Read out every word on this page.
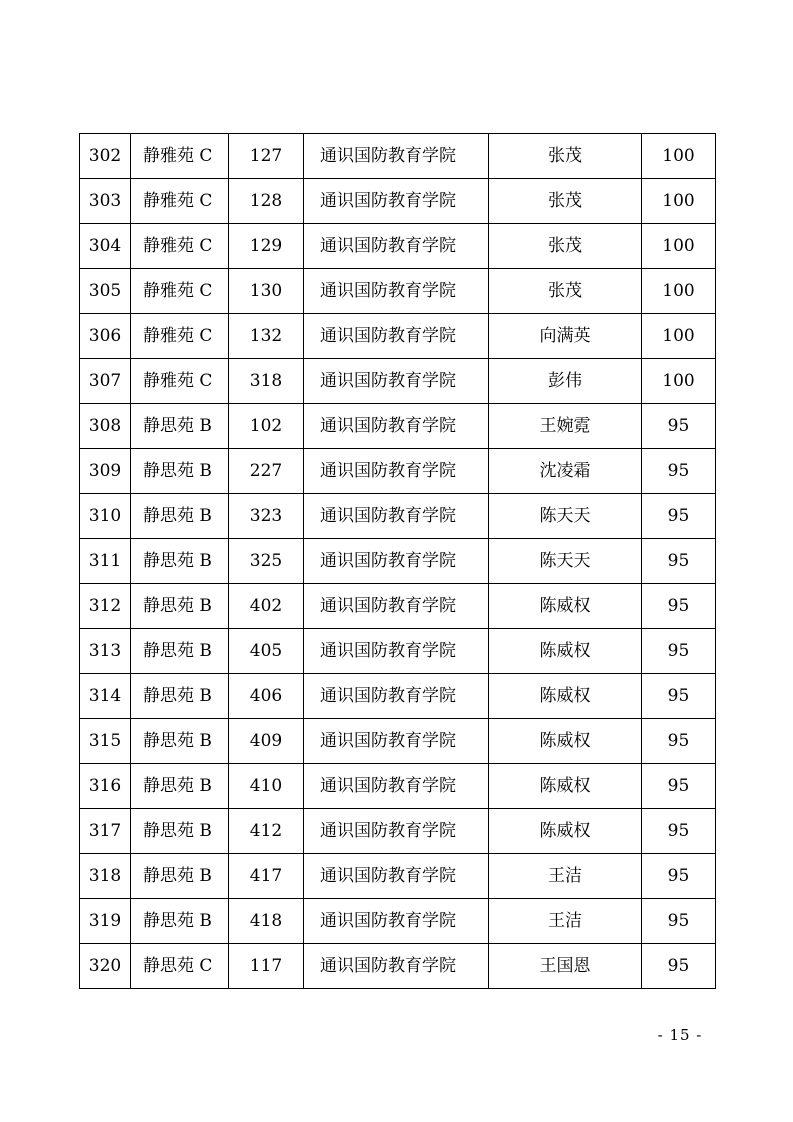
302	静雅苑 C	127	通识国防教育学院	张茂	100
303	静雅苑 C	128	通识国防教育学院	张茂	100
304	静雅苑 C	129	通识国防教育学院	张茂	100
305	静雅苑 C	130	通识国防教育学院	张茂	100
306	静雅苑 C	132	通识国防教育学院	向满英	100
307	静雅苑 C	318	通识国防教育学院	彭伟	100
308	静思苑 B	102	通识国防教育学院	王婉霓	95
309	静思苑 B	227	通识国防教育学院	沈凌霜	95
310	静思苑 B	323	通识国防教育学院	陈天天	95
311	静思苑 B	325	通识国防教育学院	陈天天	95
312	静思苑 B	402	通识国防教育学院	陈威权	95
313	静思苑 B	405	通识国防教育学院	陈威权	95
314	静思苑 B	406	通识国防教育学院	陈威权	95
315	静思苑 B	409	通识国防教育学院	陈威权	95
316	静思苑 B	410	通识国防教育学院	陈威权	95
317	静思苑 B	412	通识国防教育学院	陈威权	95
318	静思苑 B	417	通识国防教育学院	王洁	95
319	静思苑 B	418	通识国防教育学院	王洁	95
320	静思苑 C	117	通识国防教育学院	王国恩	95
- 15 -
